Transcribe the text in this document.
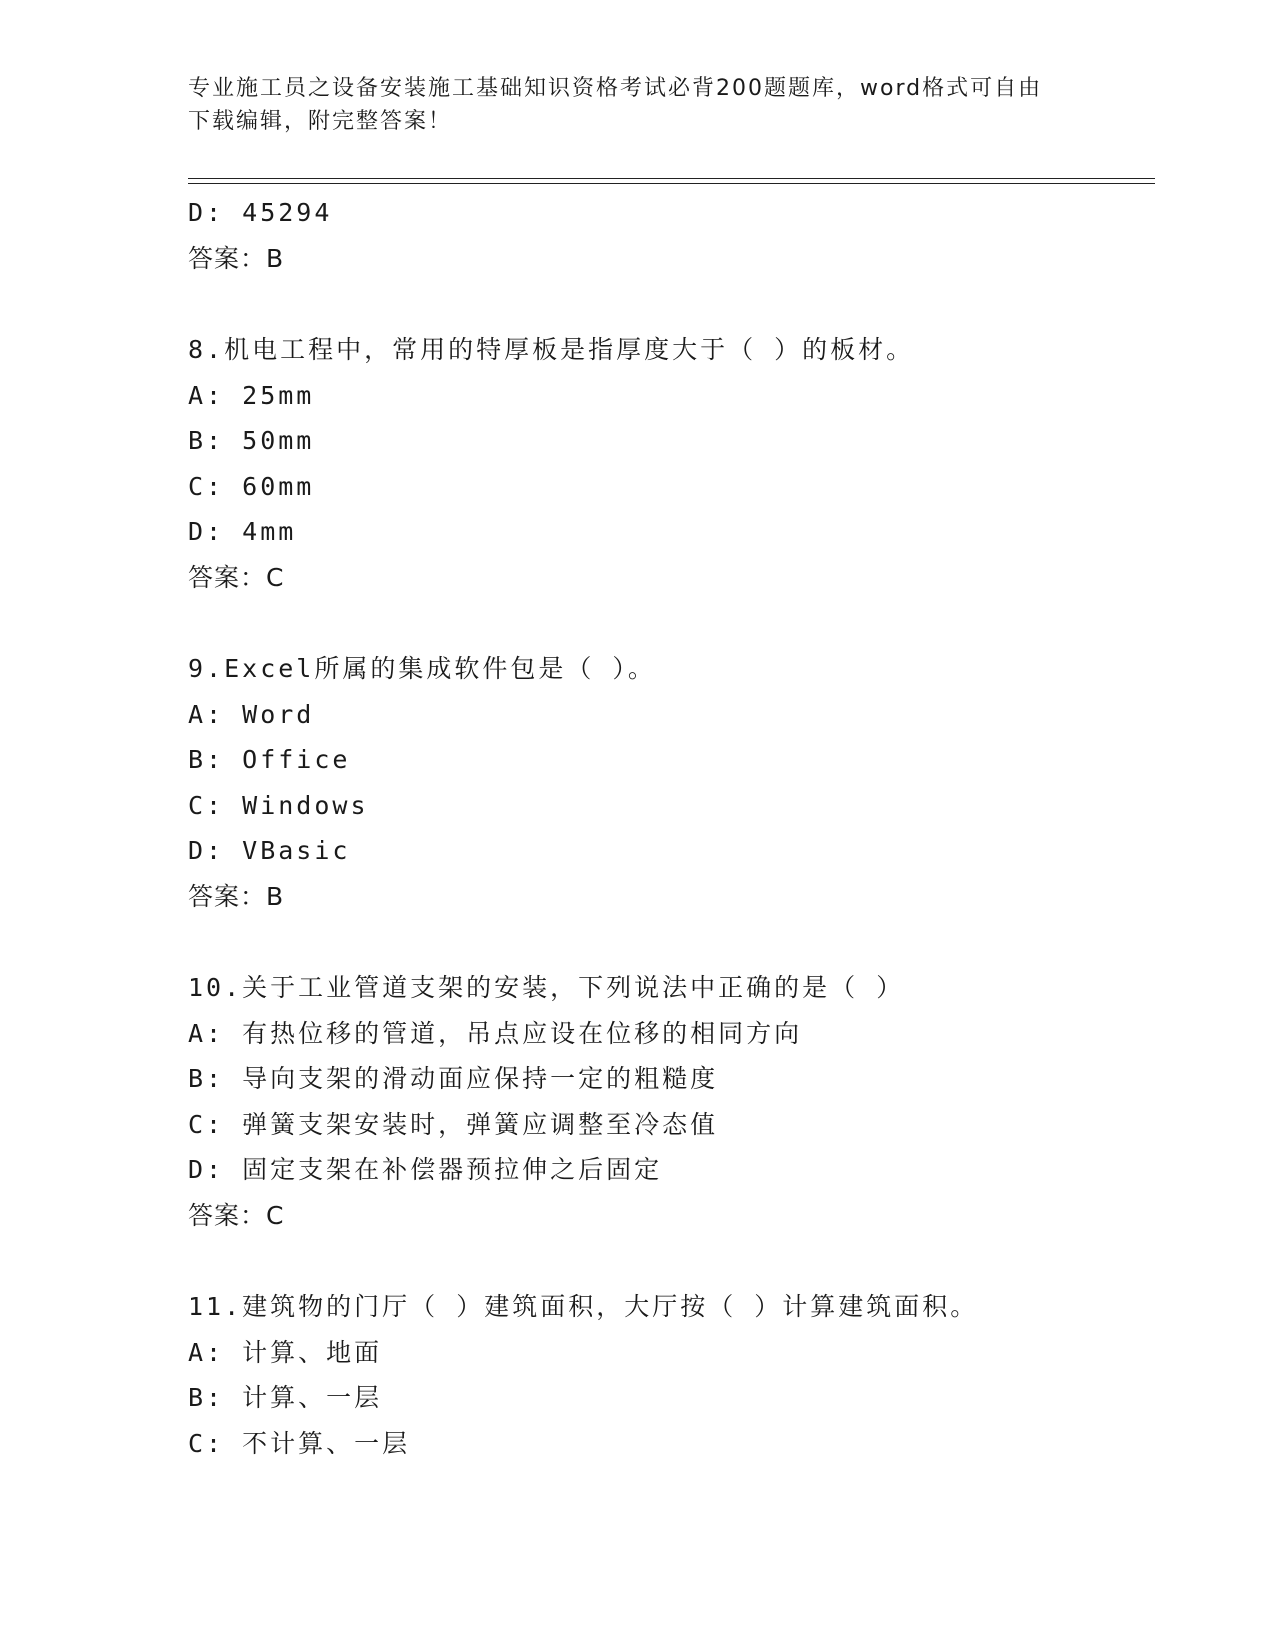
专业施工员之设备安装施工基础知识资格考试必背200题题库，word格式可自由
下载编辑，附完整答案！
D: 45294
答案：B
8.机电工程中，常用的特厚板是指厚度大于（ ）的板材。
A: 25mm
B: 50mm
C: 60mm
D: 4mm
答案：C
9.Excel所属的集成软件包是（ ）。
A: Word
B: Office
C: Windows
D: VBasic
答案：B
10.关于工业管道支架的安装，下列说法中正确的是（ ）
A: 有热位移的管道，吊点应设在位移的相同方向
B: 导向支架的滑动面应保持一定的粗糙度
C: 弹簧支架安装时，弹簧应调整至冷态值
D: 固定支架在补偿器预拉伸之后固定
答案：C
11.建筑物的门厅（ ）建筑面积，大厅按（ ）计算建筑面积。
A: 计算、地面
B: 计算、一层
C: 不计算、一层
